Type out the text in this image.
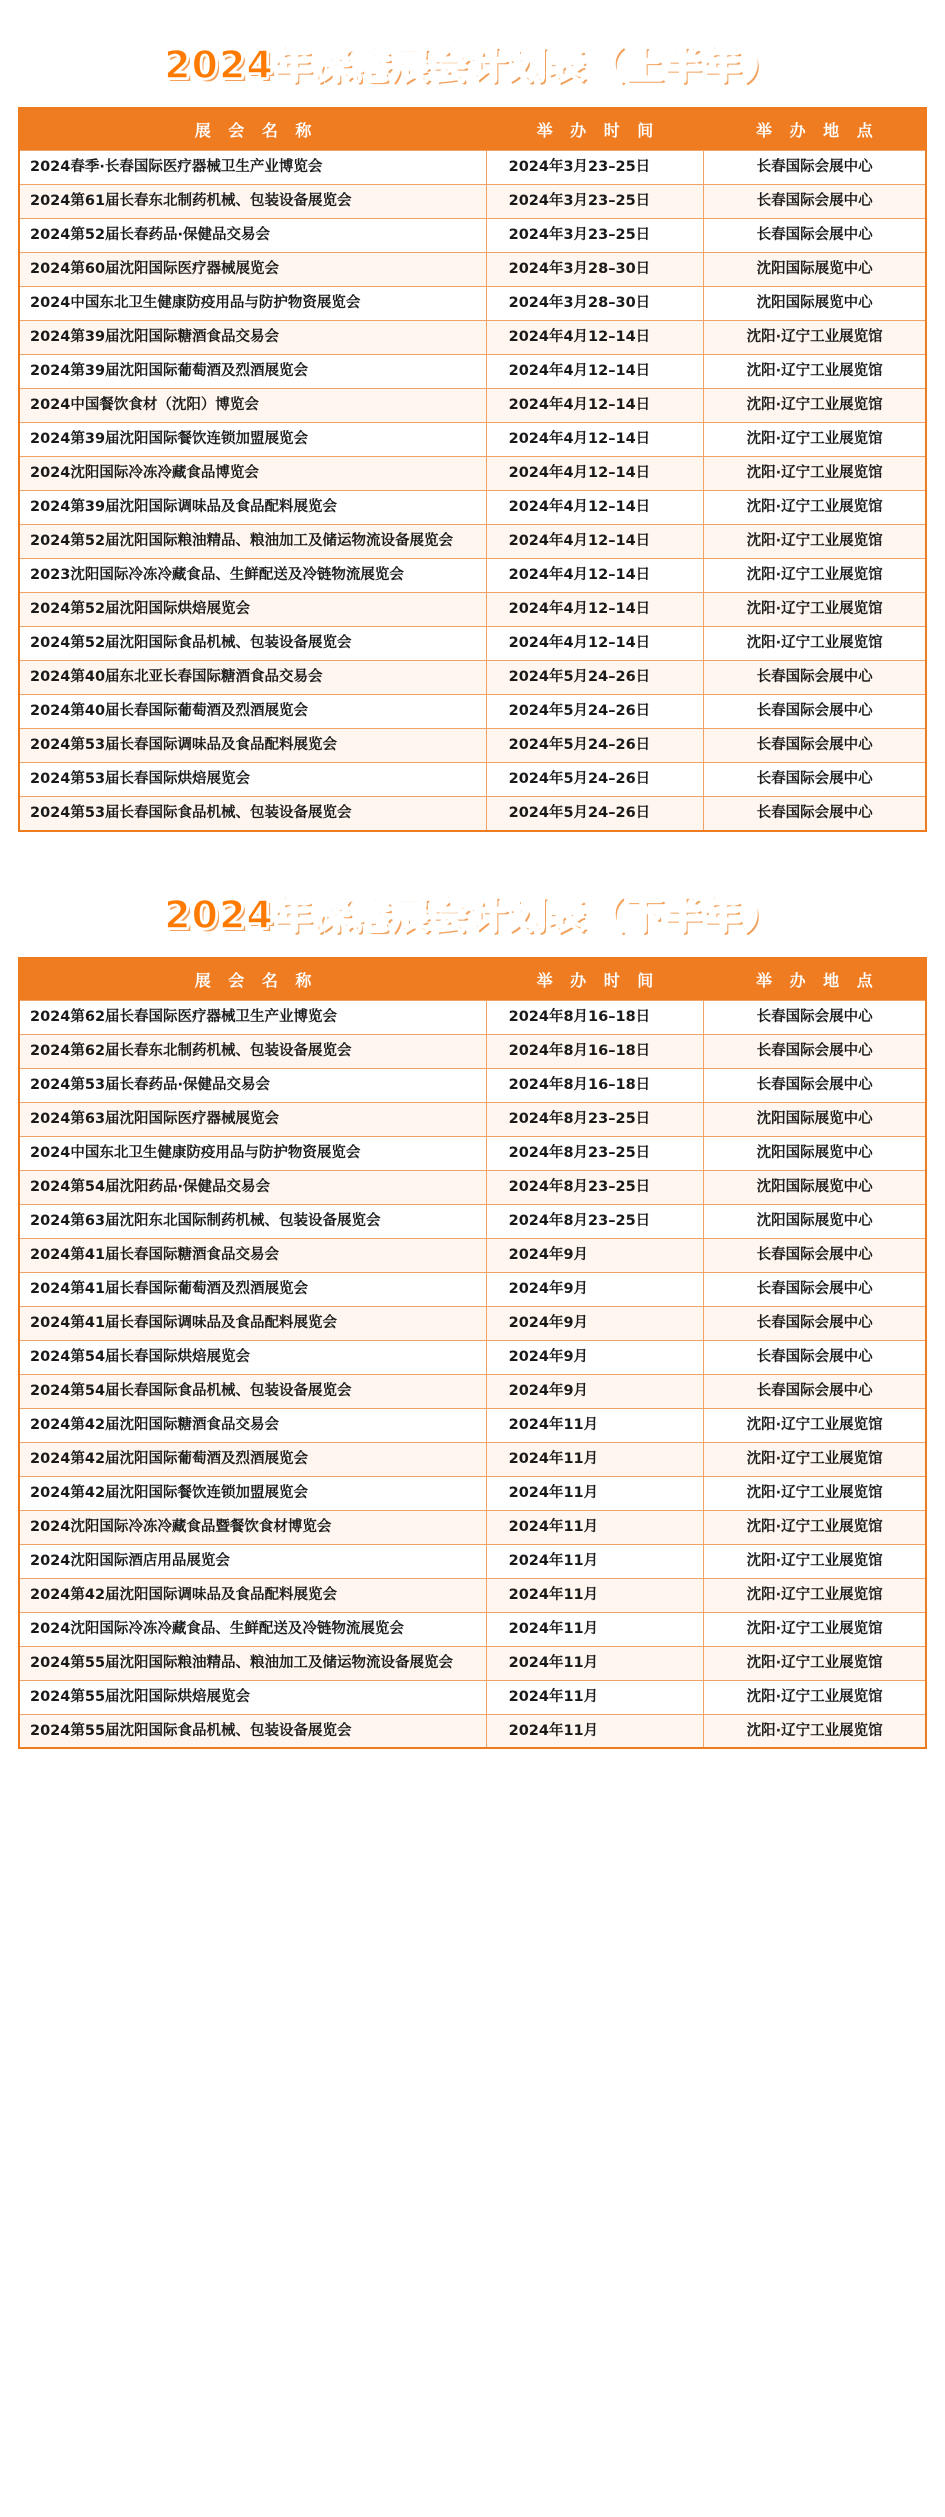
2024年深港展会计划表（上半年）
展 会 名 称	举 办 时 间	举 办 地 点
2024春季·长春国际医疗器械卫生产业博览会	2024年3月23–25日	长春国际会展中心
2024第61届长春东北制药机械、包装设备展览会	2024年3月23–25日	长春国际会展中心
2024第52届长春药品·保健品交易会	2024年3月23–25日	长春国际会展中心
2024第60届沈阳国际医疗器械展览会	2024年3月28–30日	沈阳国际展览中心
2024中国东北卫生健康防疫用品与防护物资展览会	2024年3月28–30日	沈阳国际展览中心
2024第39届沈阳国际糖酒食品交易会	2024年4月12–14日	沈阳·辽宁工业展览馆
2024第39届沈阳国际葡萄酒及烈酒展览会	2024年4月12–14日	沈阳·辽宁工业展览馆
2024中国餐饮食材（沈阳）博览会	2024年4月12–14日	沈阳·辽宁工业展览馆
2024第39届沈阳国际餐饮连锁加盟展览会	2024年4月12–14日	沈阳·辽宁工业展览馆
2024沈阳国际冷冻冷藏食品博览会	2024年4月12–14日	沈阳·辽宁工业展览馆
2024第39届沈阳国际调味品及食品配料展览会	2024年4月12–14日	沈阳·辽宁工业展览馆
2024第52届沈阳国际粮油精品、粮油加工及储运物流设备展览会	2024年4月12–14日	沈阳·辽宁工业展览馆
2023沈阳国际冷冻冷藏食品、生鲜配送及冷链物流展览会	2024年4月12–14日	沈阳·辽宁工业展览馆
2024第52届沈阳国际烘焙展览会	2024年4月12–14日	沈阳·辽宁工业展览馆
2024第52届沈阳国际食品机械、包装设备展览会	2024年4月12–14日	沈阳·辽宁工业展览馆
2024第40届东北亚长春国际糖酒食品交易会	2024年5月24–26日	长春国际会展中心
2024第40届长春国际葡萄酒及烈酒展览会	2024年5月24–26日	长春国际会展中心
2024第53届长春国际调味品及食品配料展览会	2024年5月24–26日	长春国际会展中心
2024第53届长春国际烘焙展览会	2024年5月24–26日	长春国际会展中心
2024第53届长春国际食品机械、包装设备展览会	2024年5月24–26日	长春国际会展中心
2024年深港展会计划表（下半年）
展 会 名 称	举 办 时 间	举 办 地 点
2024第62届长春国际医疗器械卫生产业博览会	2024年8月16–18日	长春国际会展中心
2024第62届长春东北制药机械、包装设备展览会	2024年8月16–18日	长春国际会展中心
2024第53届长春药品·保健品交易会	2024年8月16–18日	长春国际会展中心
2024第63届沈阳国际医疗器械展览会	2024年8月23–25日	沈阳国际展览中心
2024中国东北卫生健康防疫用品与防护物资展览会	2024年8月23–25日	沈阳国际展览中心
2024第54届沈阳药品·保健品交易会	2024年8月23–25日	沈阳国际展览中心
2024第63届沈阳东北国际制药机械、包装设备展览会	2024年8月23–25日	沈阳国际展览中心
2024第41届长春国际糖酒食品交易会	2024年9月	长春国际会展中心
2024第41届长春国际葡萄酒及烈酒展览会	2024年9月	长春国际会展中心
2024第41届长春国际调味品及食品配料展览会	2024年9月	长春国际会展中心
2024第54届长春国际烘焙展览会	2024年9月	长春国际会展中心
2024第54届长春国际食品机械、包装设备展览会	2024年9月	长春国际会展中心
2024第42届沈阳国际糖酒食品交易会	2024年11月	沈阳·辽宁工业展览馆
2024第42届沈阳国际葡萄酒及烈酒展览会	2024年11月	沈阳·辽宁工业展览馆
2024第42届沈阳国际餐饮连锁加盟展览会	2024年11月	沈阳·辽宁工业展览馆
2024沈阳国际冷冻冷藏食品暨餐饮食材博览会	2024年11月	沈阳·辽宁工业展览馆
2024沈阳国际酒店用品展览会	2024年11月	沈阳·辽宁工业展览馆
2024第42届沈阳国际调味品及食品配料展览会	2024年11月	沈阳·辽宁工业展览馆
2024沈阳国际冷冻冷藏食品、生鲜配送及冷链物流展览会	2024年11月	沈阳·辽宁工业展览馆
2024第55届沈阳国际粮油精品、粮油加工及储运物流设备展览会	2024年11月	沈阳·辽宁工业展览馆
2024第55届沈阳国际烘焙展览会	2024年11月	沈阳·辽宁工业展览馆
2024第55届沈阳国际食品机械、包装设备展览会	2024年11月	沈阳·辽宁工业展览馆
